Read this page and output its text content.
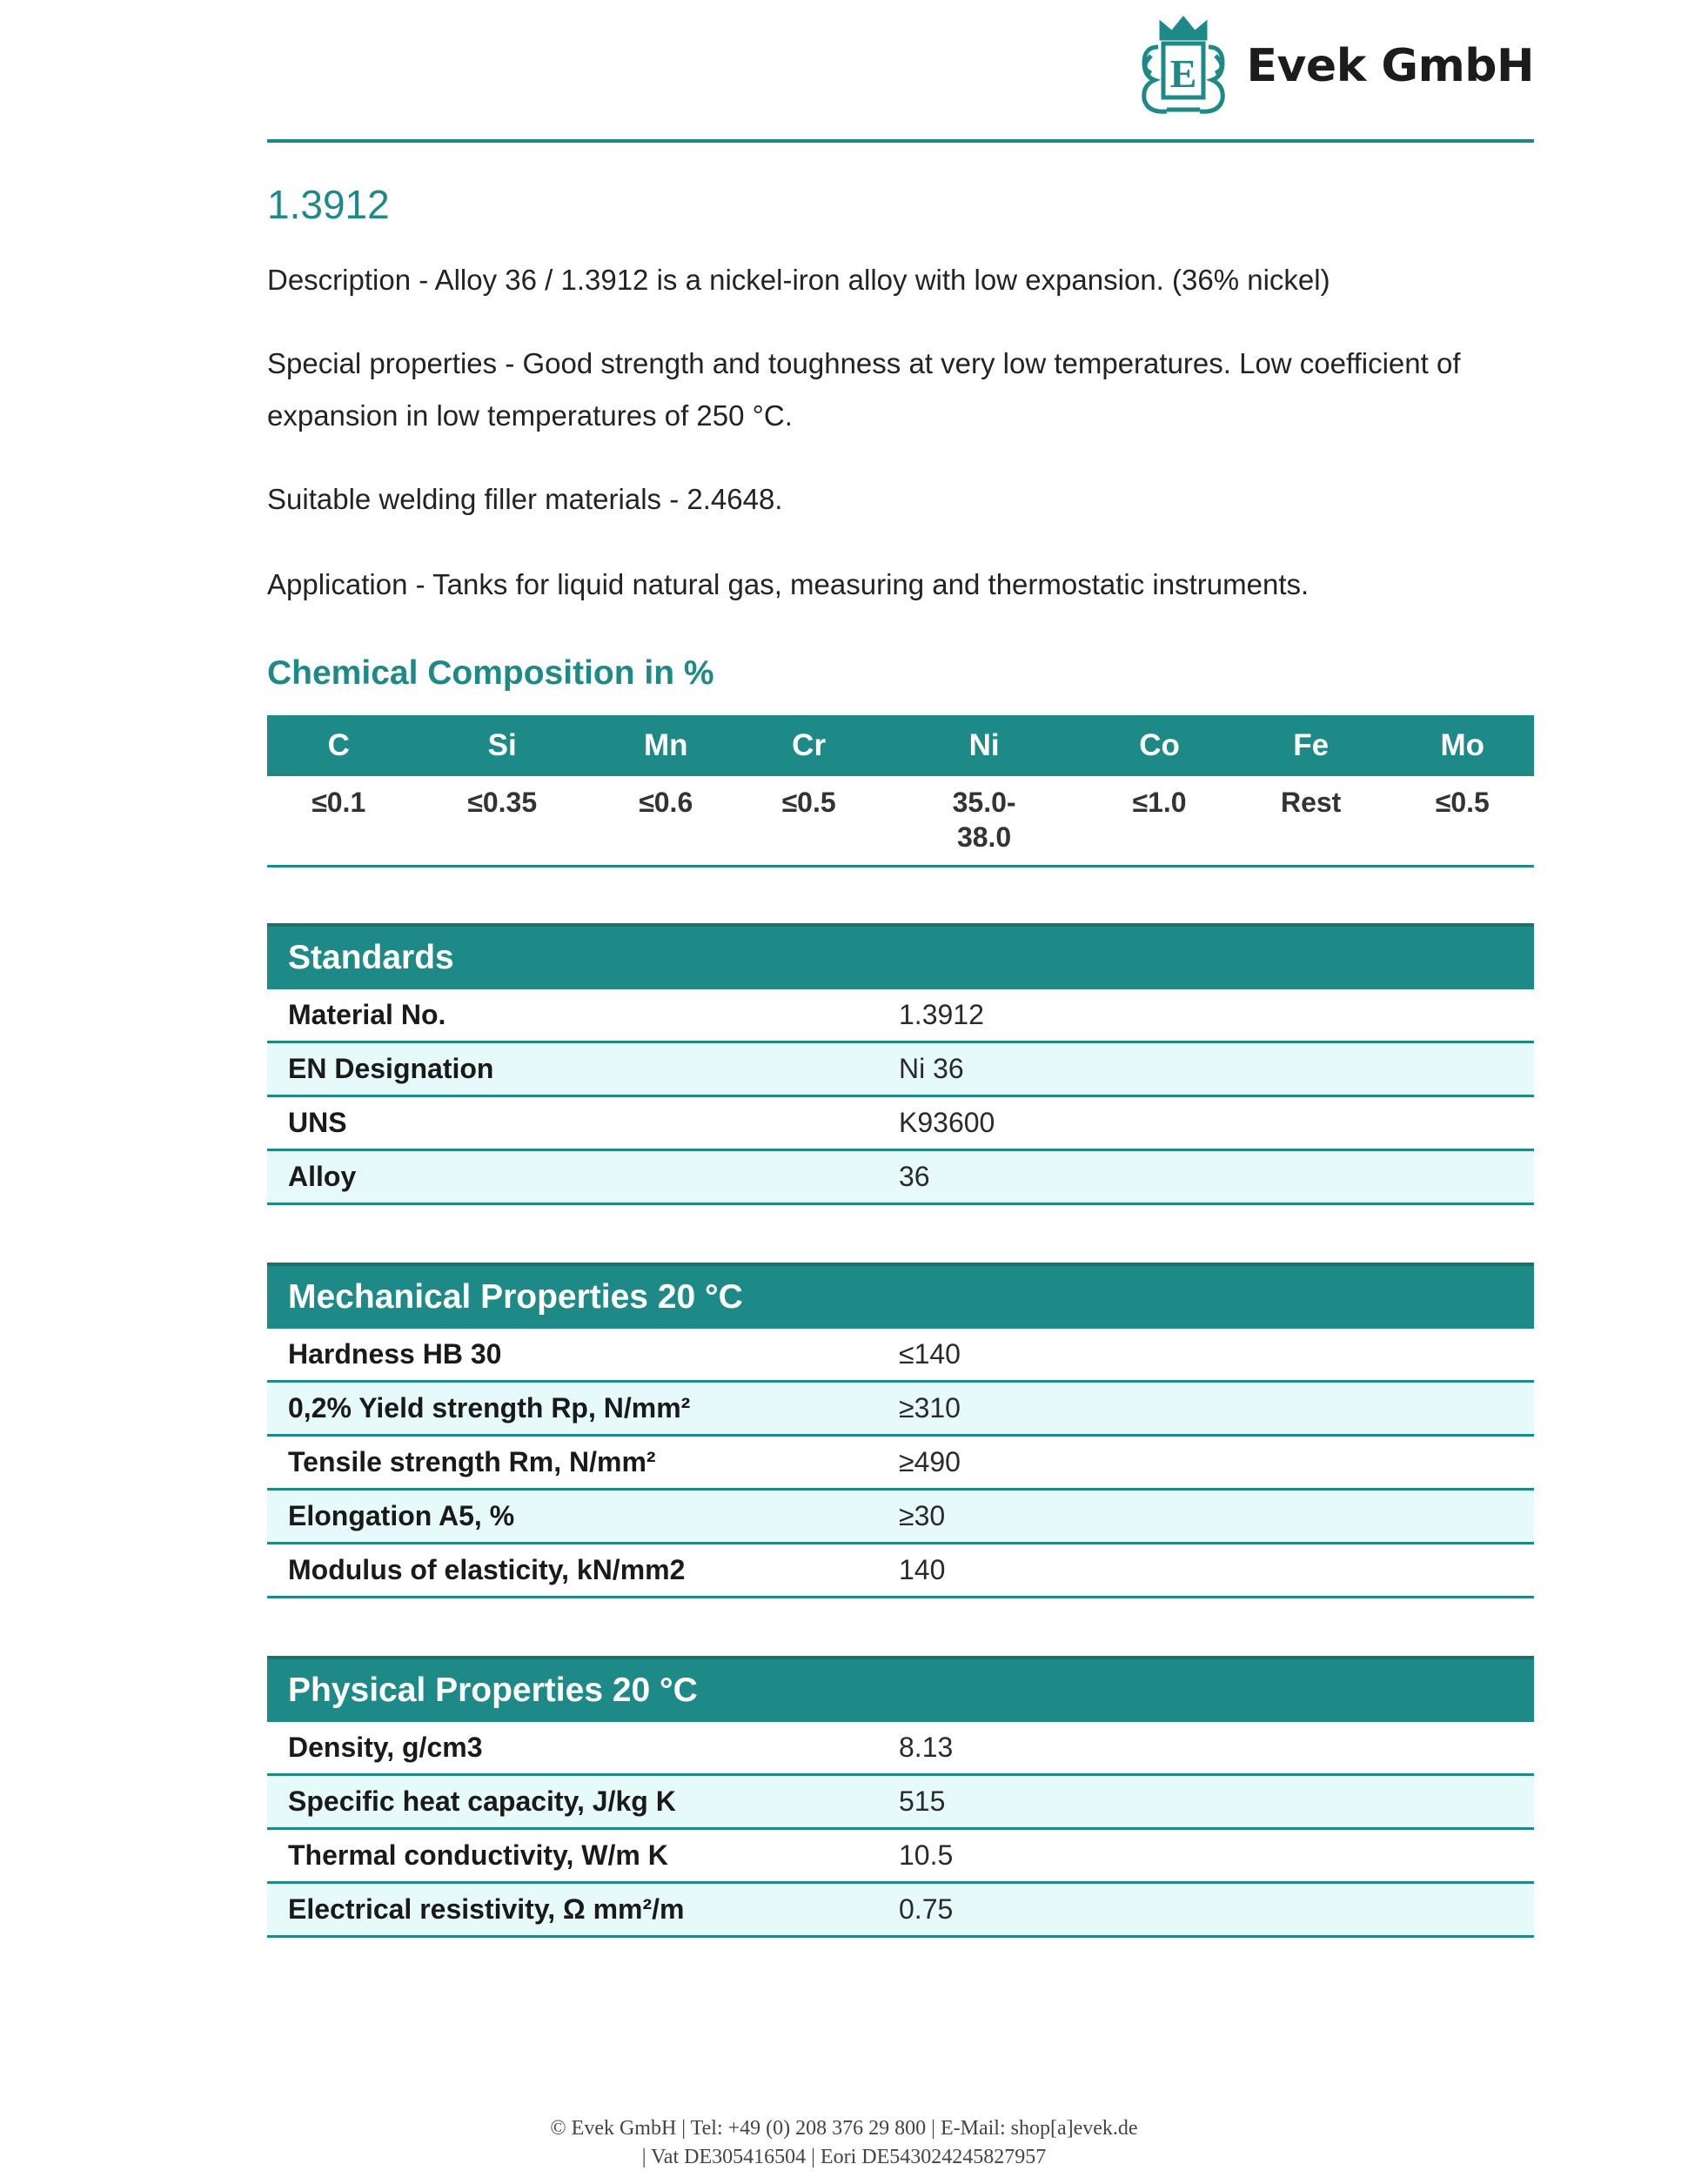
E Evek GmbH
1.3912

Description - Alloy 36 / 1.3912 is a nickel-iron alloy with low expansion. (36% nickel)

Special properties - Good strength and toughness at very low temperatures. Low coefficient of expansion in low temperatures of 250 °C.

Suitable welding filler materials - 2.4648.

Application - Tanks for liquid natural gas, measuring and thermostatic instruments.

Chemical Composition in %
C	Si	Mn	Cr	Ni	Co	Fe	Mo
≤0.1	≤0.35	≤0.6	≤0.5	35.0-38.0	≤1.0	Rest	≤0.5
Standards	
Material No.	1.3912
EN Designation	Ni 36
UNS	K93600
Alloy	36
Mechanical Properties 20 °C	
Hardness HB 30	≤140
0,2% Yield strength Rp, N/mm²	≥310
Tensile strength Rm, N/mm²	≥490
Elongation A5, %	≥30
Modulus of elasticity, kN/mm2	140
Physical Properties 20 °C	
Density, g/cm3	8.13
Specific heat capacity, J/kg K	515
Thermal conductivity, W/m K	10.5
Electrical resistivity, Ω mm²/m	0.75
© Evek GmbH | Tel: +49 (0) 208 376 29 800 | E-Mail: shop[a]evek.de
| Vat DE305416504 | Eori DE543024245827957
